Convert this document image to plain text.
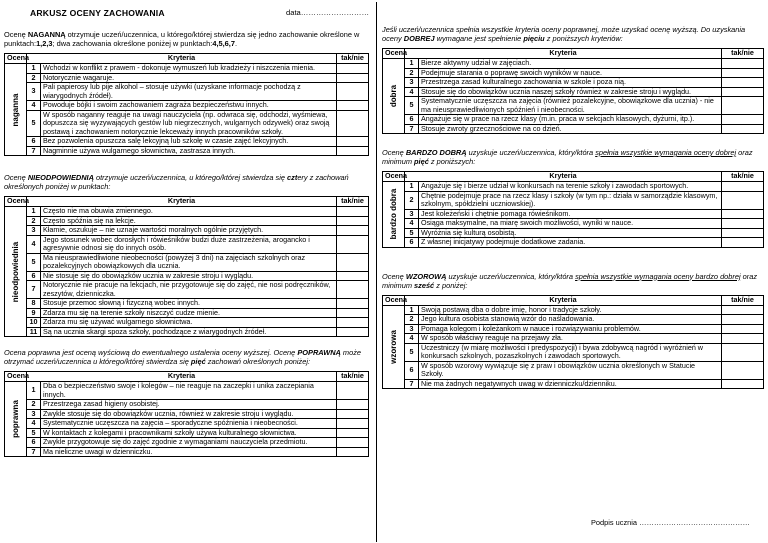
ARKUSZ OCENY ZACHOWANIA	data………………………

Ocenę NAGANNĄ otrzymuje uczeń/uczennica, u którego/której stwierdza się jedno zachowanie określone w punktach:1,2,3; dwa zachowania określone poniżej w punktach:4,5,6,7.

Ocena	Kryteria		tak/nie

naganna	1	Wchodzi w konflikt z prawem - dokonuje wymuszeń lub kradzieży i niszczenia mienia.	
	2	Notorycznie wagaruje.	
	3	Pali papierosy lub pije alkohol – stosuje używki (uzyskane informacje pochodzą z wiarygodnych źródeł).	
	4	Powoduje bójki i swoim zachowaniem zagraża bezpieczeństwu innych.	
	5	W sposób naganny reaguje na uwagi nauczyciela (np. odwraca się, odchodzi, wyśmiewa, dopuszcza się wyzywających gestów lub niegrzecznych, wulgarnych odzywek) oraz swoją postawą i zachowaniem notorycznie lekceważy innych pracowników szkoły.	
	6	Bez pozwolenia opuszcza salę lekcyjną lub szkołę w czasie zajęć lekcyjnych.	
	7	Nagminnie używa wulgarnego słownictwa, zastrasza innych.	

Ocenę NIEODPOWIEDNIĄ otrzymuje uczeń/uczennica, u którego/której stwierdza się cztery z zachowań określonych poniżej w punktach:

Ocena	Kryteria		tak/nie

nieodpowiednia	1	Często nie ma obuwia zmiennego.	
	2	Często spóźnia się na lekcje.	
	3	Kłamie, oszukuje – nie uznaje wartości moralnych ogólnie przyjętych.	
	4	Jego stosunek wobec dorosłych i rówieśników budzi duże zastrzeżenia, arogancko i agresywnie odnosi się do innych osób.	
	5	Ma nieusprawiedliwione nieobecności (powyżej 3 dni) na zajęciach szkolnych oraz pozalekcyjnych obowiązkowych dla ucznia.	
	6	Nie stosuje się do obowiązków ucznia w zakresie stroju i wyglądu.	
	7	Notorycznie nie pracuje na lekcjach, nie przygotowuje się do zajęć, nie nosi podręczników, zeszytów, dzienniczka.	
	8	Stosuje przemoc słowną i fizyczną wobec innych.	
	9	Zdarza mu się na terenie szkoły niszczyć cudze mienie.	
	10	Zdarza mu się używać wulgarnego słownictwa.	
	11	Są na ucznia skargi spoza szkoły, pochodzące z wiarygodnych źródeł.	

Ocena poprawna jest oceną wyściową do ewentualnego ustalenia oceny wyższej. Ocenę POPRAWNĄ może otrzymać uczeń/uczennica u którego/której stwierdza się pięć zachowań określonych poniżej:

Ocena	Kryteria		tak/nie

poprawna	1	Dba o bezpieczeństwo swoje i kolegów – nie reaguje na zaczepki i unika zaczepiania innych.	
	2	Przestrzega zasad higieny osobistej.	
	3	Zwykle stosuje się do obowiązków ucznia, również w zakresie stroju i wyglądu.	
	4	Systematycznie uczęszcza na zajęcia – sporadyczne spóźnienia i nieobecności.	
	5	W kontaktach z kolegami i pracownikami szkoły używa kulturalnego słownictwa.	
	6	Zwykle przygotowuje się do zajęć zgodnie z wymaganiami nauczyciela przedmiotu.	
	7	Ma nieliczne uwagi w dzienniczku.	

Jeśli uczeń/uczennica spełnia wszystkie kryteria oceny poprawnej, może uzyskać ocenę wyższą. Do uzyskania oceny DOBREJ wymagane jest spełnienie pięciu z poniższych kryteriów:

Ocena	Kryteria		tak/nie

dobra	1	Bierze aktywny udział w zajęciach.	
	2	Podejmuje starania o poprawę swoich wyników w nauce.	
	3	Przestrzega zasad kulturalnego zachowania w szkole i poza nią.	
	4	Stosuje się do obowiązków ucznia naszej szkoły również w zakresie stroju i wyglądu.	
	5	Systematycznie uczęszcza na zajęcia (również pozalekcyjne, obowiązkowe dla ucznia) - nie ma nieusprawiedliwionych spóźnień i nieobecności.	
	6	Angażuje się w prace na rzecz klasy (m.in. praca w sekcjach klasowych, dyżurni, itp.).	
	7	Stosuje zwroty grzecznościowe na co dzień.	

Ocenę BARDZO DOBRĄ uzyskuje uczeń/uczennica, który/która spełnia wszystkie wymagania oceny dobrej oraz minimum pięć z poniższych:

Ocena	Kryteria		tak/nie

bardzo dobra	1	Angażuje się i bierze udział w konkursach na terenie szkoły i zawodach sportowych.	
	2	Chętnie podejmuje prace na rzecz klasy i szkoły (w tym np.: działa w samorządzie klasowym, szkolnym, spółdzielni uczniowskiej).	
	3	Jest koleżeński i chętnie pomaga rówieśnikom.	
	4	Osiąga maksymalne, na miarę swoich możliwości, wyniki w nauce.	
	5	Wyróżnia się kulturą osobistą.	
	6	Z własnej inicjatywy podejmuje dodatkowe zadania.	

Ocenę WZOROWĄ uzyskuje uczeń/uczennica, który/która spełnia wszystkie wymagania oceny bardzo dobrej oraz minimum sześć z poniżej:

Ocena	Kryteria		tak/nie

wzorowa	1	Swoją postawą dba o dobre imię, honor i tradycje szkoły.	
	2	Jego kultura osobista stanowią wzór do naśladowania.	
	3	Pomaga kolegom i koleżankom w nauce i rozwiązywaniu problemów.	
	4	W sposób właściwy reaguje na przejawy zła.	
	5	Uczestniczy (w miarę możliwości i predyspozycji) i bywa zdobywcą nagród i wyróżnień w konkursach szkolnych, pozaszkolnych i zawodach sportowych.	
	6	W sposób wzorowy wywiązuje się z praw i obowiązków ucznia określonych w Statucie Szkoły.	
	7	Nie ma żadnych negatywnych uwag w dzienniczku/dzienniku.	
Podpis ucznia ………………………………………
